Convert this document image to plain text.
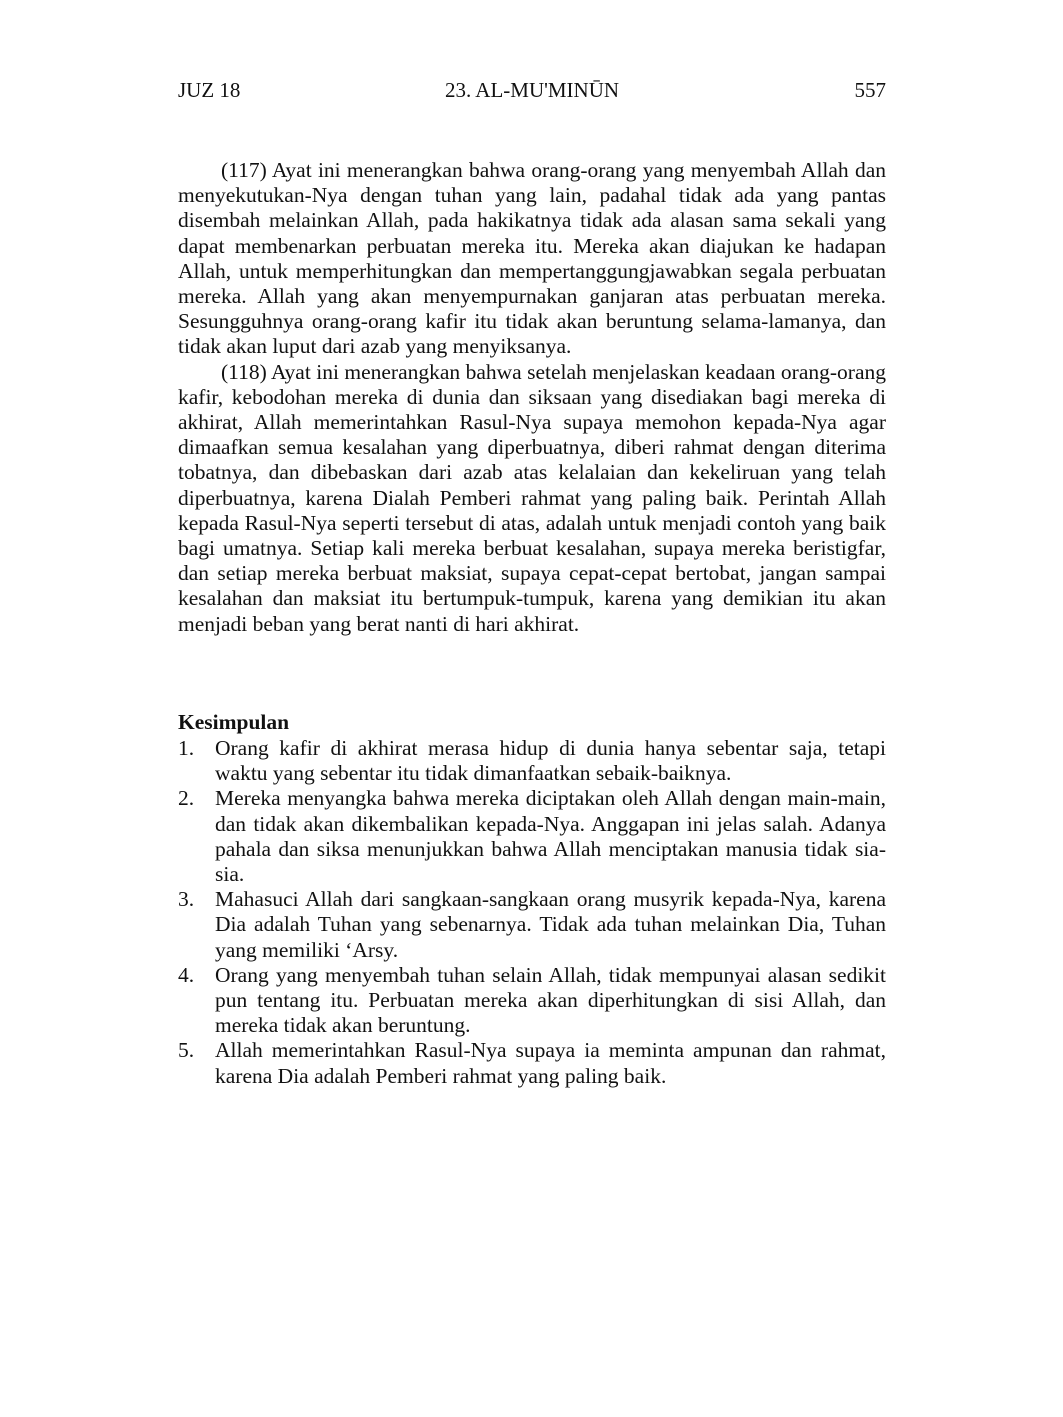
JUZ 18	23. AL-MU'MINŪN	557

(117) Ayat ini menerangkan bahwa orang-orang yang menyembah Allah dan menyekutukan-Nya dengan tuhan yang lain, padahal tidak ada yang pantas disembah melainkan Allah, pada hakikatnya tidak ada alasan sama sekali yang dapat membenarkan perbuatan mereka itu. Mereka akan diajukan ke hadapan Allah, untuk memperhitungkan dan mempertanggungjawabkan segala perbuatan mereka. Allah yang akan menyempurnakan ganjaran atas perbuatan mereka. Sesungguhnya orang-orang kafir itu tidak akan beruntung selama-lamanya, dan tidak akan luput dari azab yang menyiksanya.

(118) Ayat ini menerangkan bahwa setelah menjelaskan keadaan orang-orang kafir, kebodohan mereka di dunia dan siksaan yang disediakan bagi mereka di akhirat, Allah memerintahkan Rasul-Nya supaya memohon kepada-Nya agar dimaafkan semua kesalahan yang diperbuatnya, diberi rahmat dengan diterima tobatnya, dan dibebaskan dari azab atas kelalaian dan kekeliruan yang telah diperbuatnya, karena Dialah Pemberi rahmat yang paling baik. Perintah Allah kepada Rasul-Nya seperti tersebut di atas, adalah untuk menjadi contoh yang baik bagi umatnya. Setiap kali mereka berbuat kesalahan, supaya mereka beristigfar, dan setiap mereka berbuat maksiat, supaya cepat-cepat bertobat, jangan sampai kesalahan dan maksiat itu bertumpuk-tumpuk, karena yang demikian itu akan menjadi beban yang berat nanti di hari akhirat.

Kesimpulan
1. Orang kafir di akhirat merasa hidup di dunia hanya sebentar saja, tetapi waktu yang sebentar itu tidak dimanfaatkan sebaik-baiknya.
2. Mereka menyangka bahwa mereka diciptakan oleh Allah dengan main-main, dan tidak akan dikembalikan kepada-Nya. Anggapan ini jelas salah. Adanya pahala dan siksa menunjukkan bahwa Allah menciptakan manusia tidak sia-sia.
3. Mahasuci Allah dari sangkaan-sangkaan orang musyrik kepada-Nya, karena Dia adalah Tuhan yang sebenarnya. Tidak ada tuhan melainkan Dia, Tuhan yang memiliki ‘Arsy.
4. Orang yang menyembah tuhan selain Allah, tidak mempunyai alasan sedikit pun tentang itu. Perbuatan mereka akan diperhitungkan di sisi Allah, dan mereka tidak akan beruntung.
5. Allah memerintahkan Rasul-Nya supaya ia meminta ampunan dan rahmat, karena Dia adalah Pemberi rahmat yang paling baik.
